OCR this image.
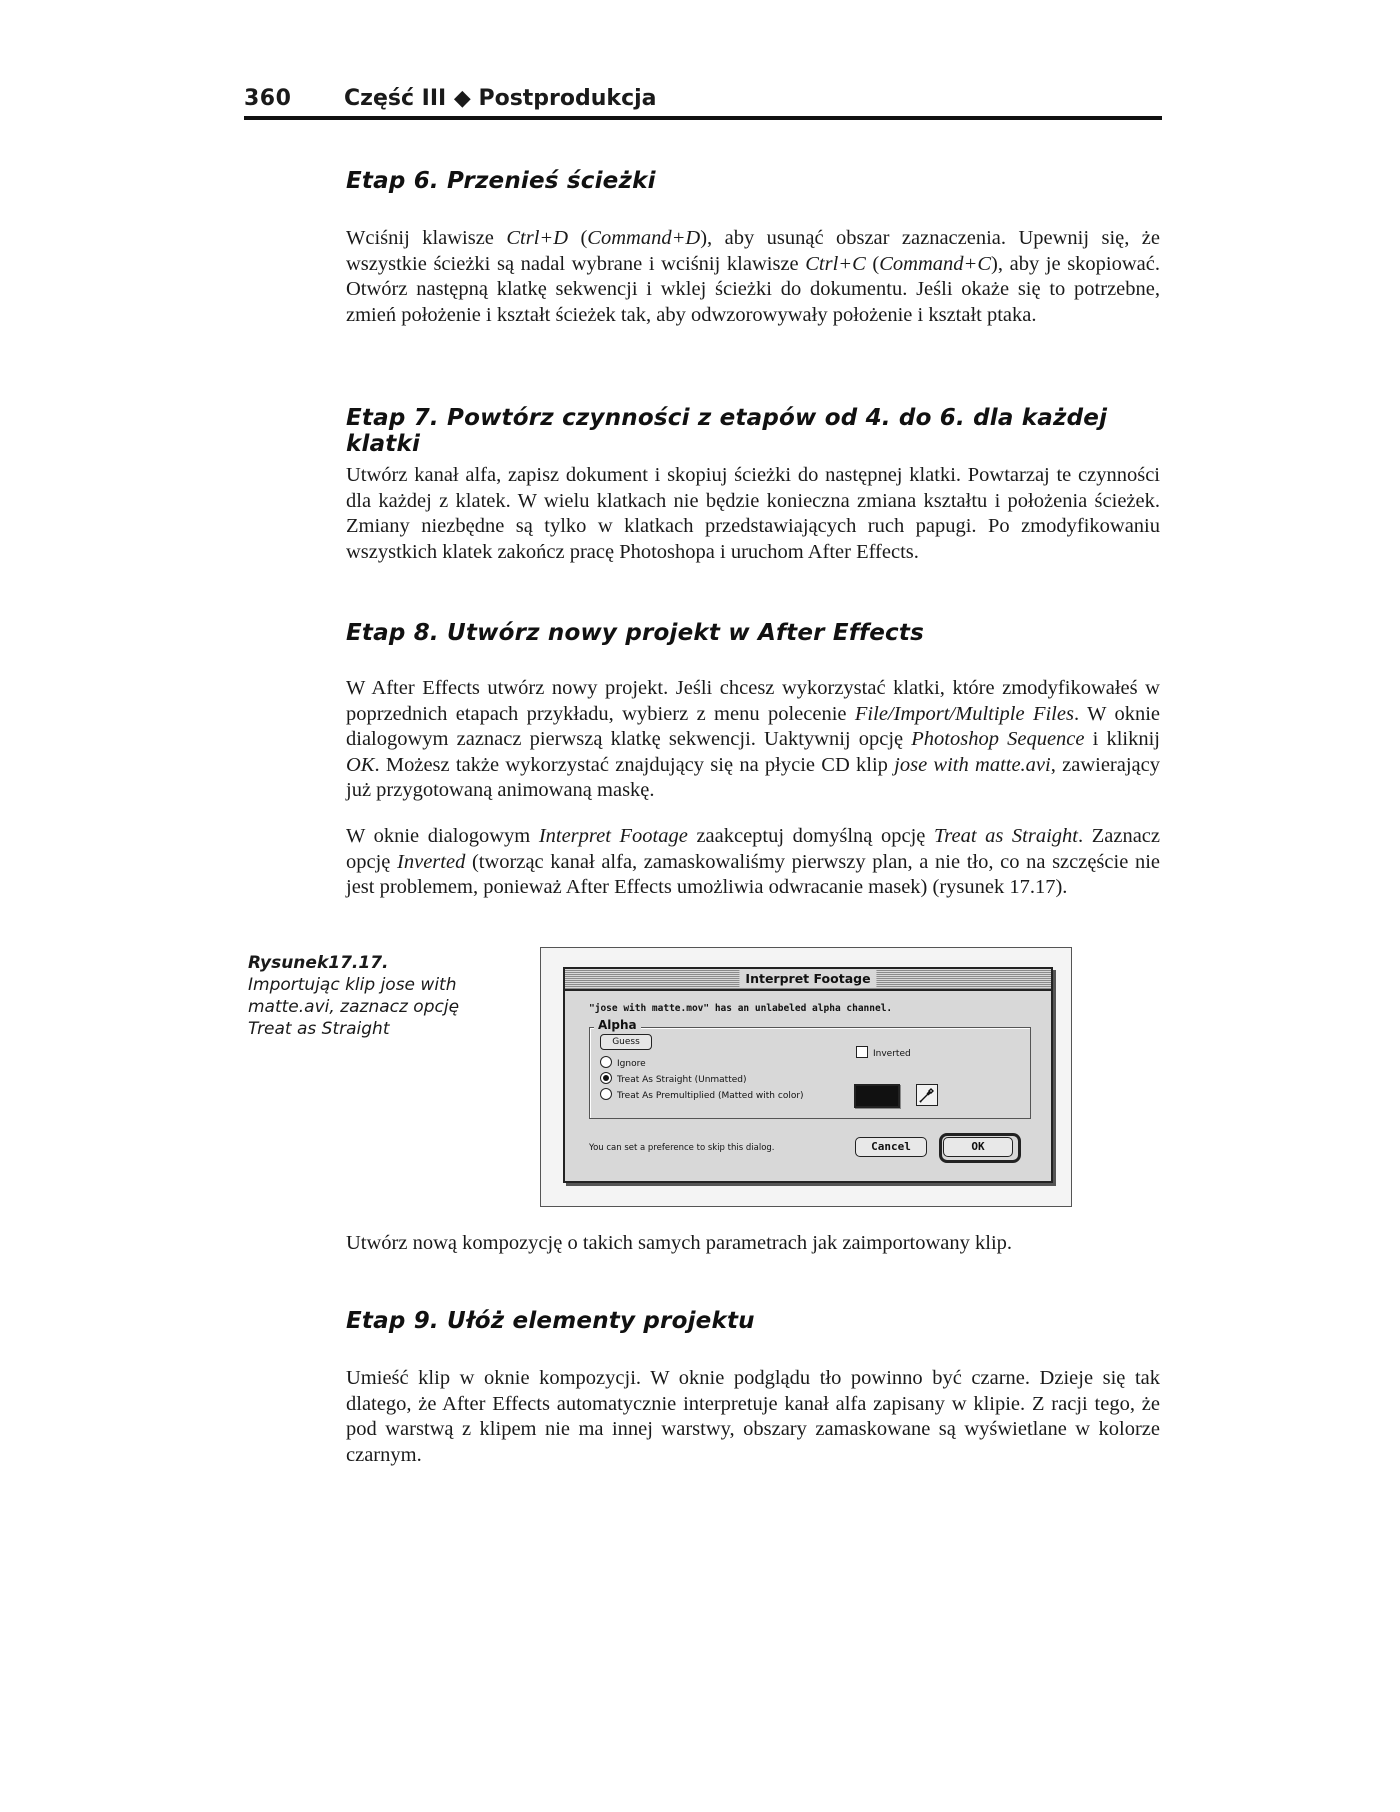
360 Część III ◆ Postprodukcja
Etap 6. Przenieś ścieżki

Wciśnij klawisze Ctrl+D (Command+D), aby usunąć obszar zaznaczenia. Upewnij się, że wszystkie ścieżki są nadal wybrane i wciśnij klawisze Ctrl+C (Command+C), aby je skopiować. Otwórz następną klatkę sekwencji i wklej ścieżki do dokumentu. Jeśli okaże się to potrzebne, zmień położenie i kształt ścieżek tak, aby odwzorowywały położenie i kształt ptaka.

Etap 7. Powtórz czynności z etapów od 4. do 6. dla każdej klatki

Utwórz kanał alfa, zapisz dokument i skopiuj ścieżki do następnej klatki. Powtarzaj te czynności dla każdej z klatek. W wielu klatkach nie będzie konieczna zmiana kształtu i położenia ścieżek. Zmiany niezbędne są tylko w klatkach przedstawiających ruch papugi. Po zmodyfikowaniu wszystkich klatek zakończ pracę Photoshopa i uruchom After Effects.

Etap 8. Utwórz nowy projekt w After Effects

W After Effects utwórz nowy projekt. Jeśli chcesz wykorzystać klatki, które zmodyfikowałeś w poprzednich etapach przykładu, wybierz z menu polecenie File/Import/Multiple Files. W oknie dialogowym zaznacz pierwszą klatkę sekwencji. Uaktywnij opcję Photoshop Sequence i kliknij OK. Możesz także wykorzystać znajdujący się na płycie CD klip jose with matte.avi, zawierający już przygotowaną animowaną maskę.

W oknie dialogowym Interpret Footage zaakceptuj domyślną opcję Treat as Straight. Zaznacz opcję Inverted (tworząc kanał alfa, zamaskowaliśmy pierwszy plan, a nie tło, co na szczęście nie jest problemem, ponieważ After Effects umożliwia odwracanie masek) (rysunek 17.17).

Rysunek17.17.
Importując klip jose with matte.avi, zaznacz opcję Treat as Straight
Interpret Footage
"jose with matte.mov" has an unlabeled alpha channel.
Alpha
Guess
Ignore
Treat As Straight (Unmatted)
Treat As Premultiplied (Matted with color)
Inverted
You can set a preference to skip this dialog.	Cancel	OK

Utwórz nową kompozycję o takich samych parametrach jak zaimportowany klip.

Etap 9. Ułóż elementy projektu

Umieść klip w oknie kompozycji. W oknie podglądu tło powinno być czarne. Dzieje się tak dlatego, że After Effects automatycznie interpretuje kanał alfa zapisany w klipie. Z racji tego, że pod warstwą z klipem nie ma innej warstwy, obszary zamaskowane są wyświetlane w kolorze czarnym.
